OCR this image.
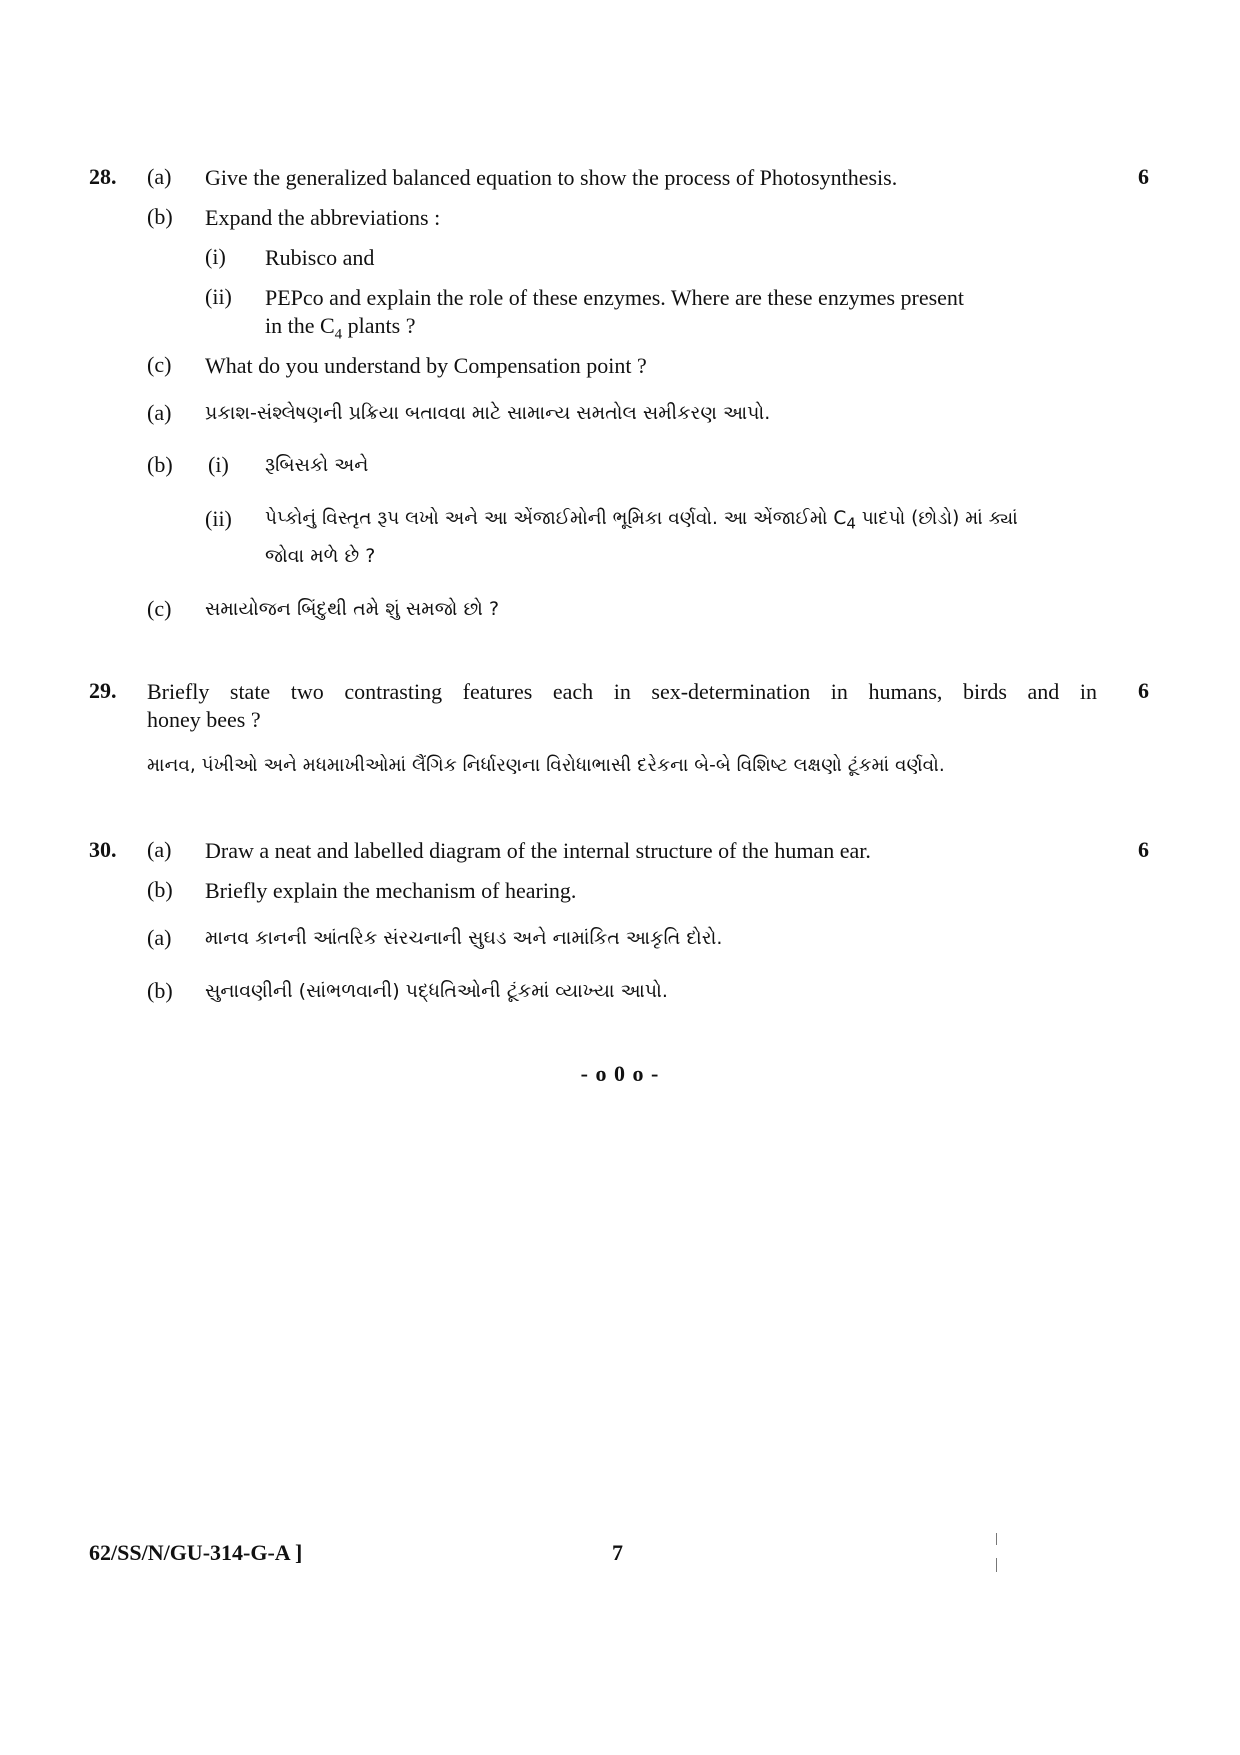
28.	6
(a) Give the generalized balanced equation to show the process of Photosynthesis.
(b) Expand the abbreviations :
(i) Rubisco and
(ii) PEPco and explain the role of these enzymes. Where are these enzymes present
in the $C_4$ plants ?
(c) What do you understand by Compensation point ?
(a) પ્રકાશ-સંશ્લેષણની પ્રક્રિયા બતાવવા માટે સામાન્ય સમતોલ સમીકરણ આપો.
(b) (i) રૂબિસકો અને
(ii) પેપ્કોનું વિસ્તૃત રૂપ લખો અને આ એંજાઈમોની ભૂમિકા વર્ણવો. આ એંજાઈમો $C_4$ પાદપો (છોડો) માં ક્યાં
જોવા મળે છે ?
(c) સમાયોજન બિંદુથી તમે શું સમજો છો ?
29.	6
Briefly state two contrasting features each in sex-determination in humans, birds and in
honey bees ?
માનવ, પંખીઓ અને મધમાખીઓમાં લૈંગિક નિર્ધારણના વિરોધાભાસી દરેકના બે-બે વિશિષ્ટ લક્ષણો ટૂંકમાં વર્ણવો.
30.	6
(a) Draw a neat and labelled diagram of the internal structure of the human ear.
(b) Briefly explain the mechanism of hearing.
(a) માનવ કાનની આંતરિક સંરચનાની સુઘડ અને નામાંકિત આકૃતિ દોરો.
(b) સુનાવણીની (સાંભળવાની) પદ્ધતિઓની ટૂંકમાં વ્યાખ્યા આપો.
- o 0 o -
62/SS/N/GU-314-G-A ]	7
